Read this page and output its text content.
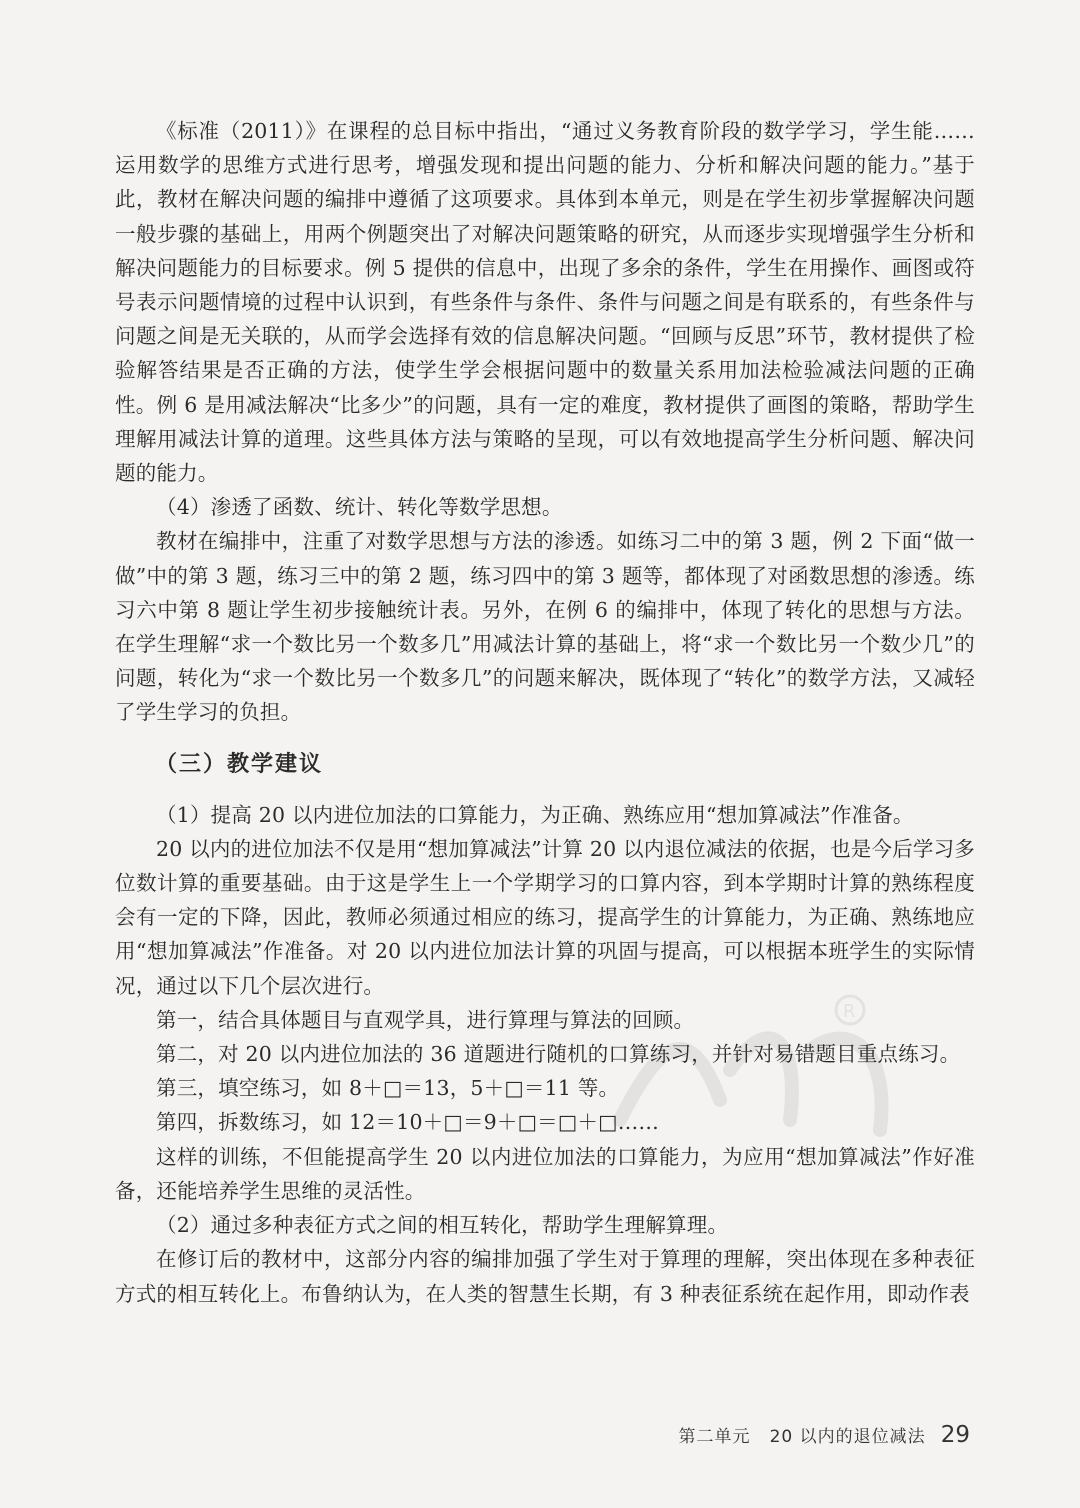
R

《标准（2011）》在课程的总目标中指出，“通过义务教育阶段的数学学习，学生能……运用数学的思维方式进行思考，增强发现和提出问题的能力、分析和解决问题的能力。”基于此，教材在解决问题的编排中遵循了这项要求。具体到本单元，则是在学生初步掌握解决问题一般步骤的基础上，用两个例题突出了对解决问题策略的研究，从而逐步实现增强学生分析和解决问题能力的目标要求。例 5 提供的信息中，出现了多余的条件，学生在用操作、画图或符号表示问题情境的过程中认识到，有些条件与条件、条件与问题之间是有联系的，有些条件与问题之间是无关联的，从而学会选择有效的信息解决问题。“回顾与反思”环节，教材提供了检验解答结果是否正确的方法，使学生学会根据问题中的数量关系用加法检验减法问题的正确性。例 6 是用减法解决“比多少”的问题，具有一定的难度，教材提供了画图的策略，帮助学生理解用减法计算的道理。这些具体方法与策略的呈现，可以有效地提高学生分析问题、解决问题的能力。

（4）渗透了函数、统计、转化等数学思想。

教材在编排中，注重了对数学思想与方法的渗透。如练习二中的第 3 题，例 2 下面“做一做”中的第 3 题，练习三中的第 2 题，练习四中的第 3 题等，都体现了对函数思想的渗透。练习六中第 8 题让学生初步接触统计表。另外，在例 6 的编排中，体现了转化的思想与方法。在学生理解“求一个数比另一个数多几”用减法计算的基础上，将“求一个数比另一个数少几”的问题，转化为“求一个数比另一个数多几”的问题来解决，既体现了“转化”的数学方法，又减轻了学生学习的负担。

（三）教学建议

（1）提高 20 以内进位加法的口算能力，为正确、熟练应用“想加算减法”作准备。

20 以内的进位加法不仅是用“想加算减法”计算 20 以内退位减法的依据，也是今后学习多位数计算的重要基础。由于这是学生上一个学期学习的口算内容，到本学期时计算的熟练程度会有一定的下降，因此，教师必须通过相应的练习，提高学生的计算能力，为正确、熟练地应用“想加算减法”作准备。对 20 以内进位加法计算的巩固与提高，可以根据本班学生的实际情况，通过以下几个层次进行。

第一，结合具体题目与直观学具，进行算理与算法的回顾。

第二，对 20 以内进位加法的 36 道题进行随机的口算练习，并针对易错题目重点练习。

第三，填空练习，如 8＋□＝13，5＋□＝11 等。

第四，拆数练习，如 12＝10＋□＝9＋□＝□＋□……

这样的训练，不但能提高学生 20 以内进位加法的口算能力，为应用“想加算减法”作好准备，还能培养学生思维的灵活性。

（2）通过多种表征方式之间的相互转化，帮助学生理解算理。

在修订后的教材中，这部分内容的编排加强了学生对于算理的理解，突出体现在多种表征方式的相互转化上。布鲁纳认为，在人类的智慧生长期，有 3 种表征系统在起作用，即动作表

第二单元 20 以内的退位减法 29
